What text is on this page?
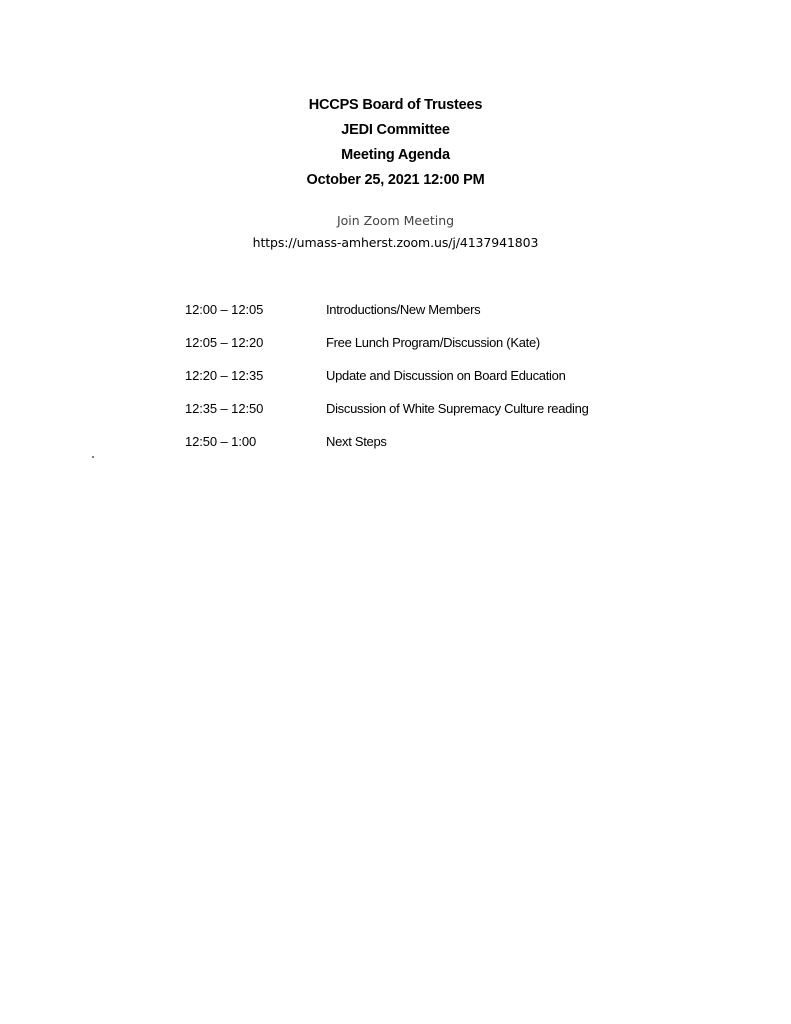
HCCPS Board of Trustees
JEDI Committee
Meeting Agenda
October 25, 2021 12:00 PM
Join Zoom Meeting
https://umass-amherst.zoom.us/j/4137941803
12:00 – 12:05	Introductions/New Members
12:05 – 12:20	Free Lunch Program/Discussion (Kate)
12:20 – 12:35	Update and Discussion on Board Education
12:35 – 12:50	Discussion of White Supremacy Culture reading
12:50 – 1:00	Next Steps
